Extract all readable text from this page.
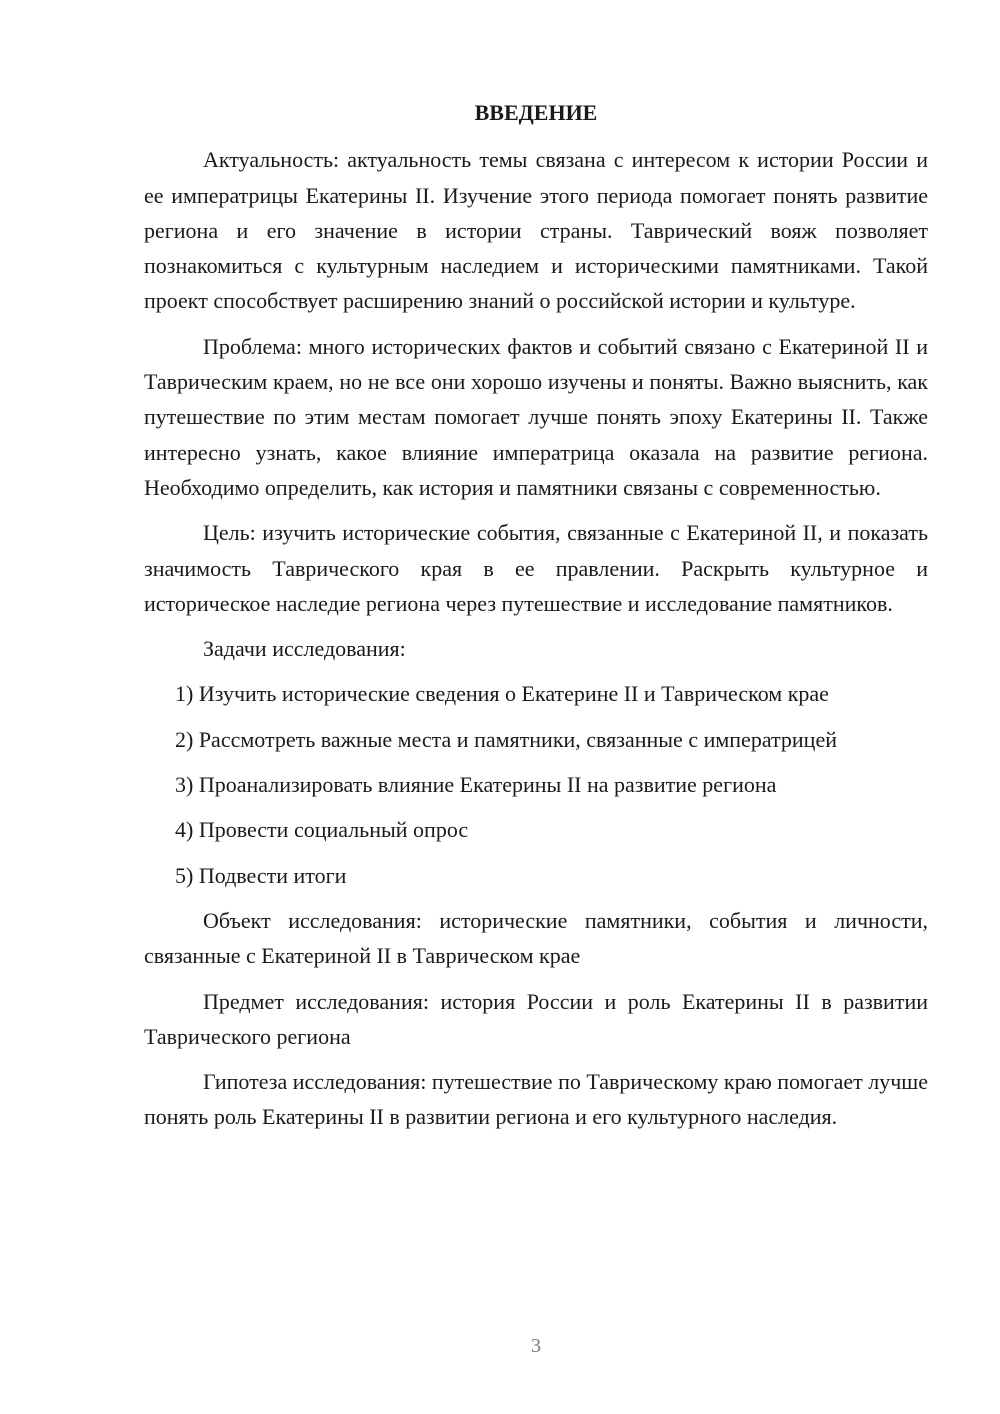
ВВЕДЕНИЕ

Актуальность: актуальность темы связана с интересом к истории России и ее императрицы Екатерины II. Изучение этого периода помогает понять развитие региона и его значение в истории страны. Таврический вояж позволяет познакомиться с культурным наследием и историческими памятниками. Такой проект способствует расширению знаний о российской истории и культуре.

Проблема: много исторических фактов и событий связано с Екатериной II и Таврическим краем, но не все они хорошо изучены и поняты. Важно выяснить, как путешествие по этим местам помогает лучше понять эпоху Екатерины II. Также интересно узнать, какое влияние императрица оказала на развитие региона. Необходимо определить, как история и памятники связаны с современностью.

Цель: изучить исторические события, связанные с Екатериной II, и показать значимость Таврического края в ее правлении. Раскрыть культурное и историческое наследие региона через путешествие и исследование памятников.

Задачи исследования:

1) Изучить исторические сведения о Екатерине II и Таврическом крае

2) Рассмотреть важные места и памятники, связанные с императрицей

3) Проанализировать влияние Екатерины II на развитие региона

4) Провести социальный опрос

5) Подвести итоги

Объект исследования: исторические памятники, события и личности, связанные с Екатериной II в Таврическом крае

Предмет исследования: история России и роль Екатерины II в развитии Таврического региона

Гипотеза исследования: путешествие по Таврическому краю помогает лучше понять роль Екатерины II в развитии региона и его культурного наследия.

3
